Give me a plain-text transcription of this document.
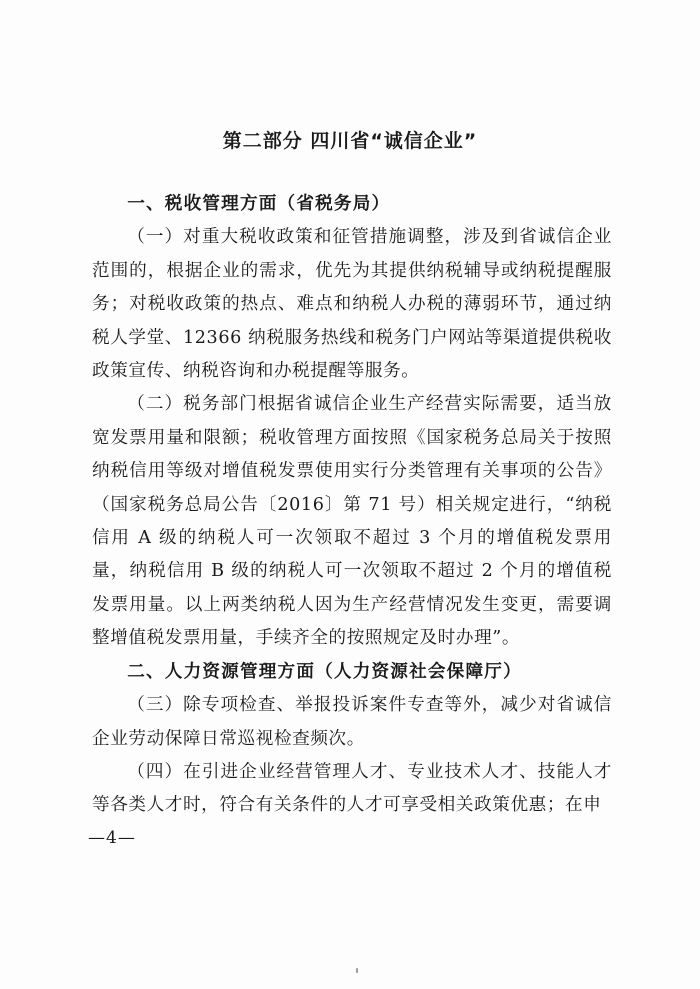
第二部分 四川省“诚信企业”
一、税收管理方面（省税务局）

（一）对重大税收政策和征管措施调整，涉及到省诚信企业范围的，根据企业的需求，优先为其提供纳税辅导或纳税提醒服务；对税收政策的热点、难点和纳税人办税的薄弱环节，通过纳税人学堂、12366 纳税服务热线和税务门户网站等渠道提供税收政策宣传、纳税咨询和办税提醒等服务。

（二）税务部门根据省诚信企业生产经营实际需要，适当放宽发票用量和限额；税收管理方面按照《国家税务总局关于按照纳税信用等级对增值税发票使用实行分类管理有关事项的公告》（国家税务总局公告〔2016〕第 71 号）相关规定进行，“纳税信用 A 级的纳税人可一次领取不超过 3 个月的增值税发票用量，纳税信用 B 级的纳税人可一次领取不超过 2 个月的增值税发票用量。以上两类纳税人因为生产经营情况发生变更，需要调整增值税发票用量，手续齐全的按照规定及时办理”。

二、人力资源管理方面（人力资源社会保障厅）

（三）除专项检查、举报投诉案件专查等外，减少对省诚信企业劳动保障日常巡视检查频次。

（四）在引进企业经营管理人才、专业技术人才、技能人才等各类人才时，符合有关条件的人才可享受相关政策优惠；在申

—4—
